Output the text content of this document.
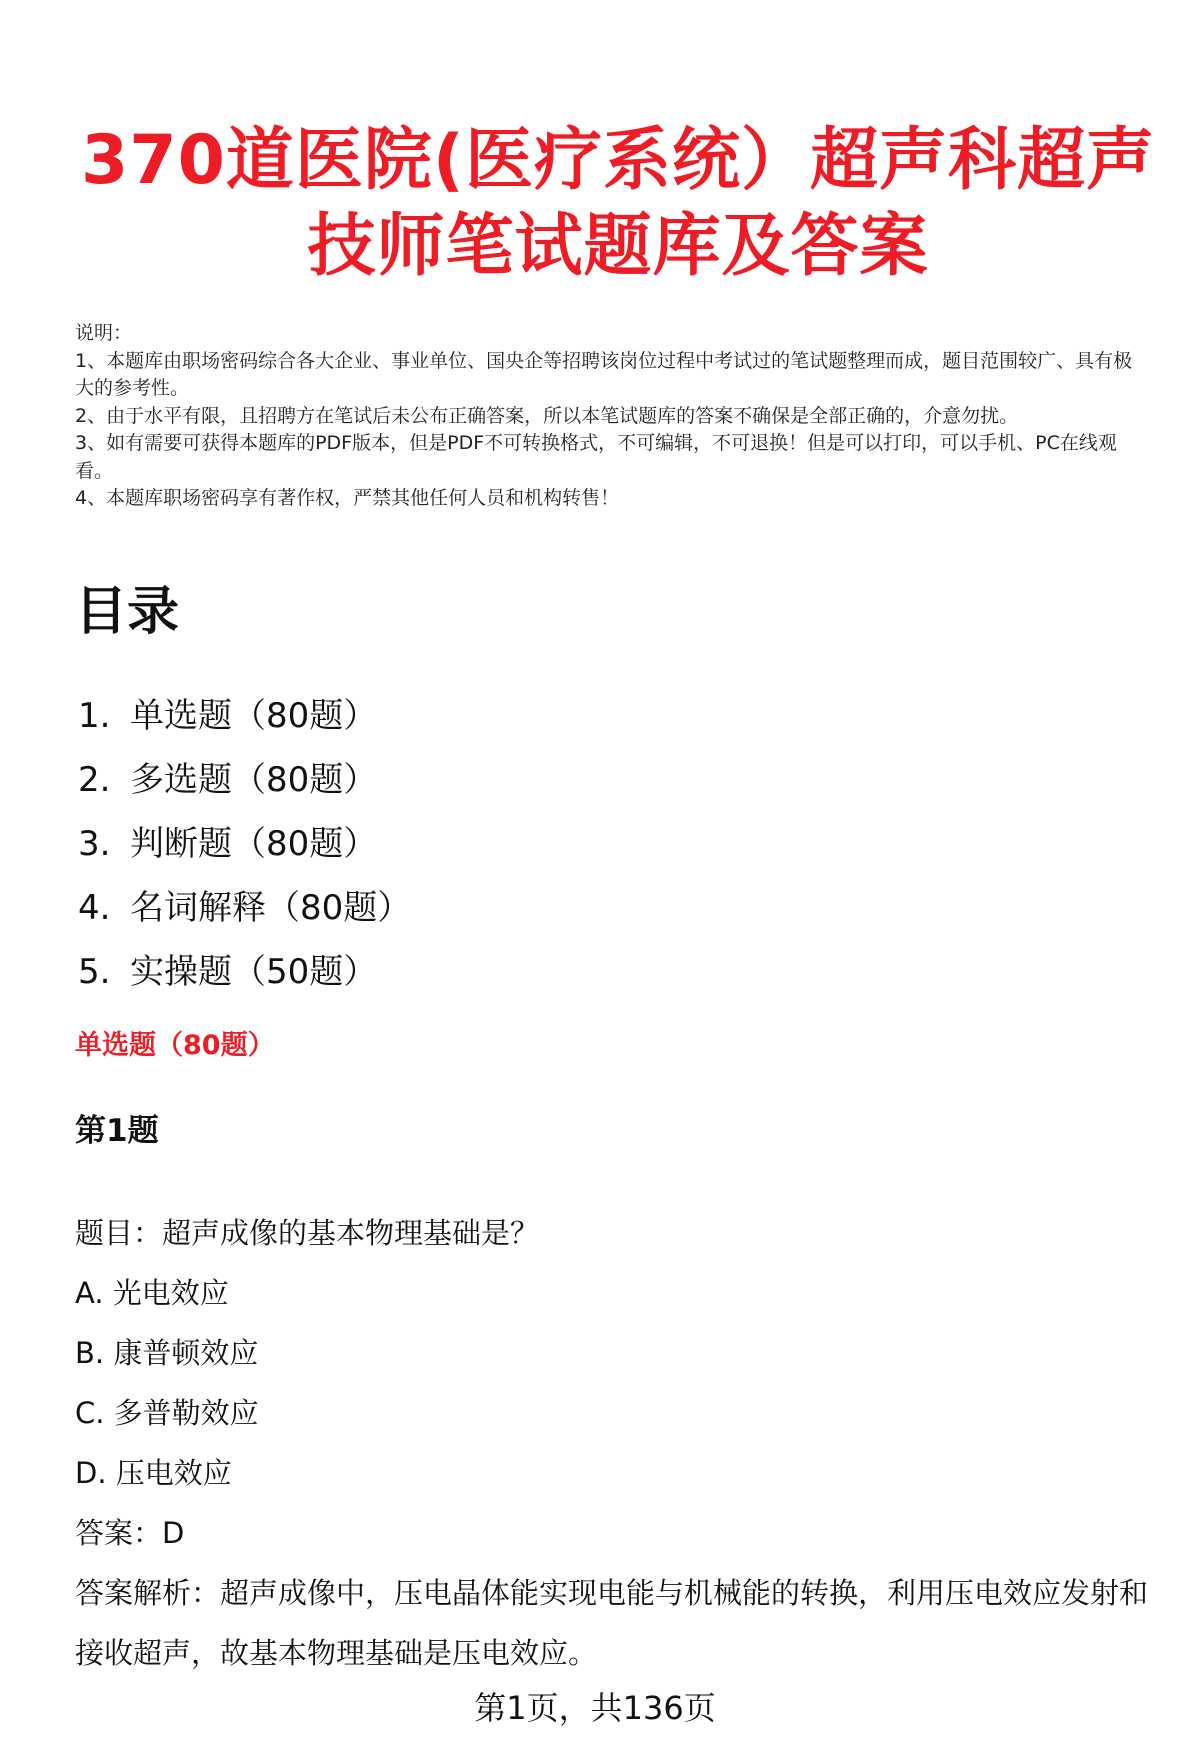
370道医院(医疗系统）超声科超声
技师笔试题库及答案

说明：

1、本题库由职场密码综合各大企业、事业单位、国央企等招聘该岗位过程中考试过的笔试题整理而成，题目范围较广、具有极大的参考性。

2、由于水平有限，且招聘方在笔试后未公布正确答案，所以本笔试题库的答案不确保是全部正确的，介意勿扰。

3、如有需要可获得本题库的PDF版本，但是PDF不可转换格式，不可编辑，不可退换！但是可以打印，可以手机、PC在线观看。

4、本题库职场密码享有著作权，严禁其他任何人员和机构转售！

目录
1. 单选题（80题）
2. 多选题（80题）
3. 判断题（80题）
4. 名词解释（80题）
5. 实操题（50题）
单选题（80题）
第1题

题目：超声成像的基本物理基础是？

A. 光电效应

B. 康普顿效应

C. 多普勒效应

D. 压电效应

答案：D

答案解析：超声成像中，压电晶体能实现电能与机械能的转换，利用压电效应发射和接收超声，故基本物理基础是压电效应。

第1页，共136页
